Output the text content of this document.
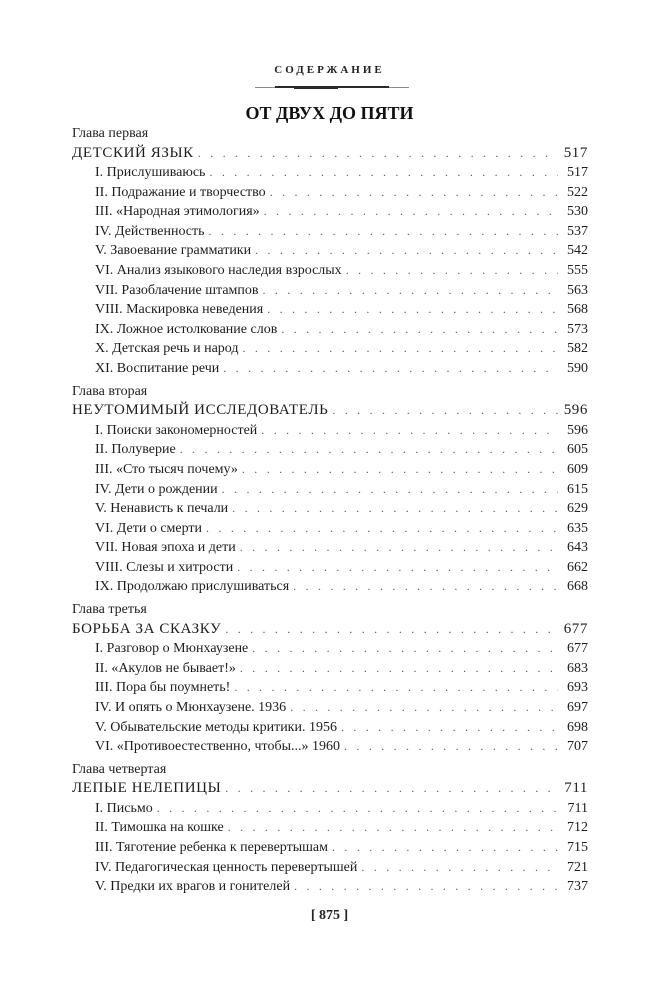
СОДЕРЖАНИЕ
ОТ ДВУХ ДО ПЯТИ
Глава первая
ДЕТСКИЙ ЯЗЫК . . .	517
I. Прислушиваюсь . . .	517
II. Подражание и творчество . . .	522
III. «Народная этимология» . . .	530
IV. Действенность . . .	537
V. Завоевание грамматики . . .	542
VI. Анализ языкового наследия взрослых . . .	555
VII. Разоблачение штампов . . .	563
VIII. Маскировка неведения . . .	568
IX. Ложное истолкование слов . . .	573
X. Детская речь и народ . . .	582
XI. Воспитание речи . . .	590
Глава вторая
НЕУТОМИМЫЙ ИССЛЕДОВАТЕЛЬ . . .	596
I. Поиски закономерностей . . .	596
II. Полуверие . . .	605
III. «Сто тысяч почему» . . .	609
IV. Дети о рождении . . .	615
V. Ненависть к печали . . .	629
VI. Дети о смерти . . .	635
VII. Новая эпоха и дети . . .	643
VIII. Слезы и хитрости . . .	662
IX. Продолжаю прислушиваться . . .	668
Глава третья
БОРЬБА ЗА СКАЗКУ . . .	677
I. Разговор о Мюнхаузене . . .	677
II. «Акулов не бывает!» . . .	683
III. Пора бы поумнеть! . . .	693
IV. И опять о Мюнхаузене. 1936 . . .	697
V. Обывательские методы критики. 1956 . . .	698
VI. «Противоестественно, чтобы...» 1960 . . .	707
Глава четвертая
ЛЕПЫЕ НЕЛЕПИЦЫ . . .	711
I. Письмо . . .	711
II. Тимошка на кошке . . .	712
III. Тяготение ребенка к перевертышам . . .	715
IV. Педагогическая ценность перевертышей . . .	721
V. Предки их врагов и гонителей . . .	737
[ 875 ]
